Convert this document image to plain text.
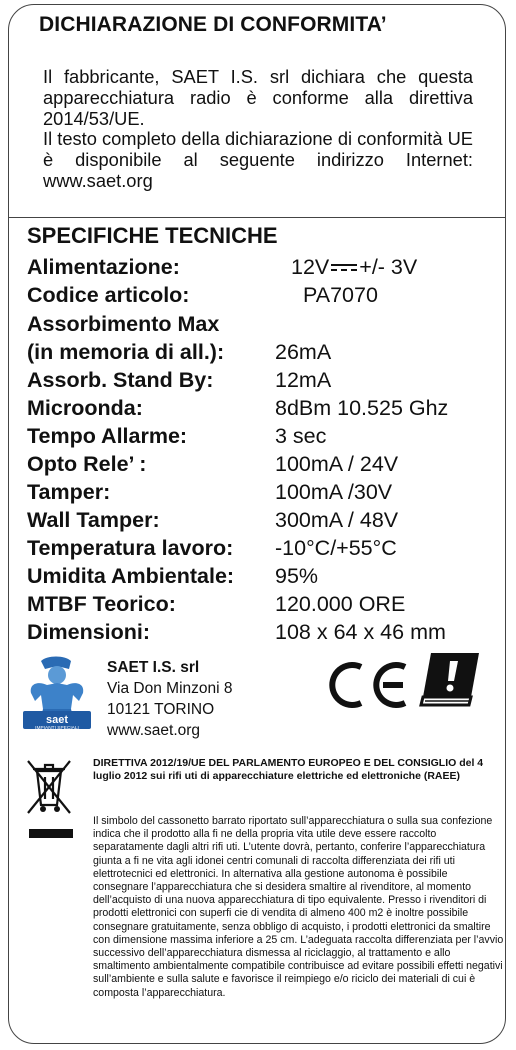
DICHIARAZIONE DI CONFORMITA’

Il fabbricante, SAET I.S. srl dichiara che questa apparecchiatura radio è conforme alla direttiva 2014/53/UE.

Il testo completo della dichiarazione di conformità UE è disponibile al seguente indirizzo Internet: www.saet.org

SPECIFICHE TECNICHE
Alimentazione:	12V +/- 3V
Codice articolo:	PA7070
Assorbimento Max
(in memoria di all.): 26mA
Assorb. Stand By:	12mA
Microonda:	8dBm 10.525 Ghz
Tempo Allarme:	3 sec
Opto Rele’ :	100mA / 24V
Tamper:	100mA /30V
Wall Tamper:	300mA / 48V
Temperatura lavoro: -10°C/+55°C
Umidita Ambientale: 95%
MTBF Teorico:	120.000 ORE
Dimensioni:	108 x 64 x 46 mm
saet
IMPIANTI SPECIALI
SAET I.S. srl
Via Don Minzoni 8
10121 TORINO
www.saet.org
DIRETTIVA 2012/19/UE DEL PARLAMENTO EUROPEO E DEL CONSIGLIO del 4 luglio 2012 sui rifi uti di apparecchiature elettriche ed elettroniche (RAEE)
Il simbolo del cassonetto barrato riportato sull’apparecchiatura o sulla sua confezione indica che il prodotto alla fi ne della propria vita utile deve essere raccolto separatamente dagli altri rifi uti. L’utente dovrà, pertanto, conferire l’apparecchiatura giunta a fi ne vita agli idonei centri comunali di raccolta differenziata dei rifi uti elettrotecnici ed elettronici. In alternativa alla gestione autonoma è possibile consegnare l’apparecchiatura che si desidera smaltire al rivenditore, al momento dell’acquisto di una nuova apparecchiatura di tipo equivalente. Presso i rivenditori di prodotti elettronici con superfi cie di vendita di almeno 400 m2 è inoltre possibile consegnare gratuitamente, senza obbligo di acquisto, i prodotti elettronici da smaltire con dimensione massima inferiore a 25 cm. L’adeguata raccolta differenziata per l’avvio successivo dell’apparecchiatura dismessa al riciclaggio, al trattamento e allo smaltimento ambientalmente compatibile contribuisce ad evitare possibili effetti negativi sull’ambiente e sulla salute e favorisce il reimpiego e/o riciclo dei materiali di cui è composta l’apparecchiatura.
